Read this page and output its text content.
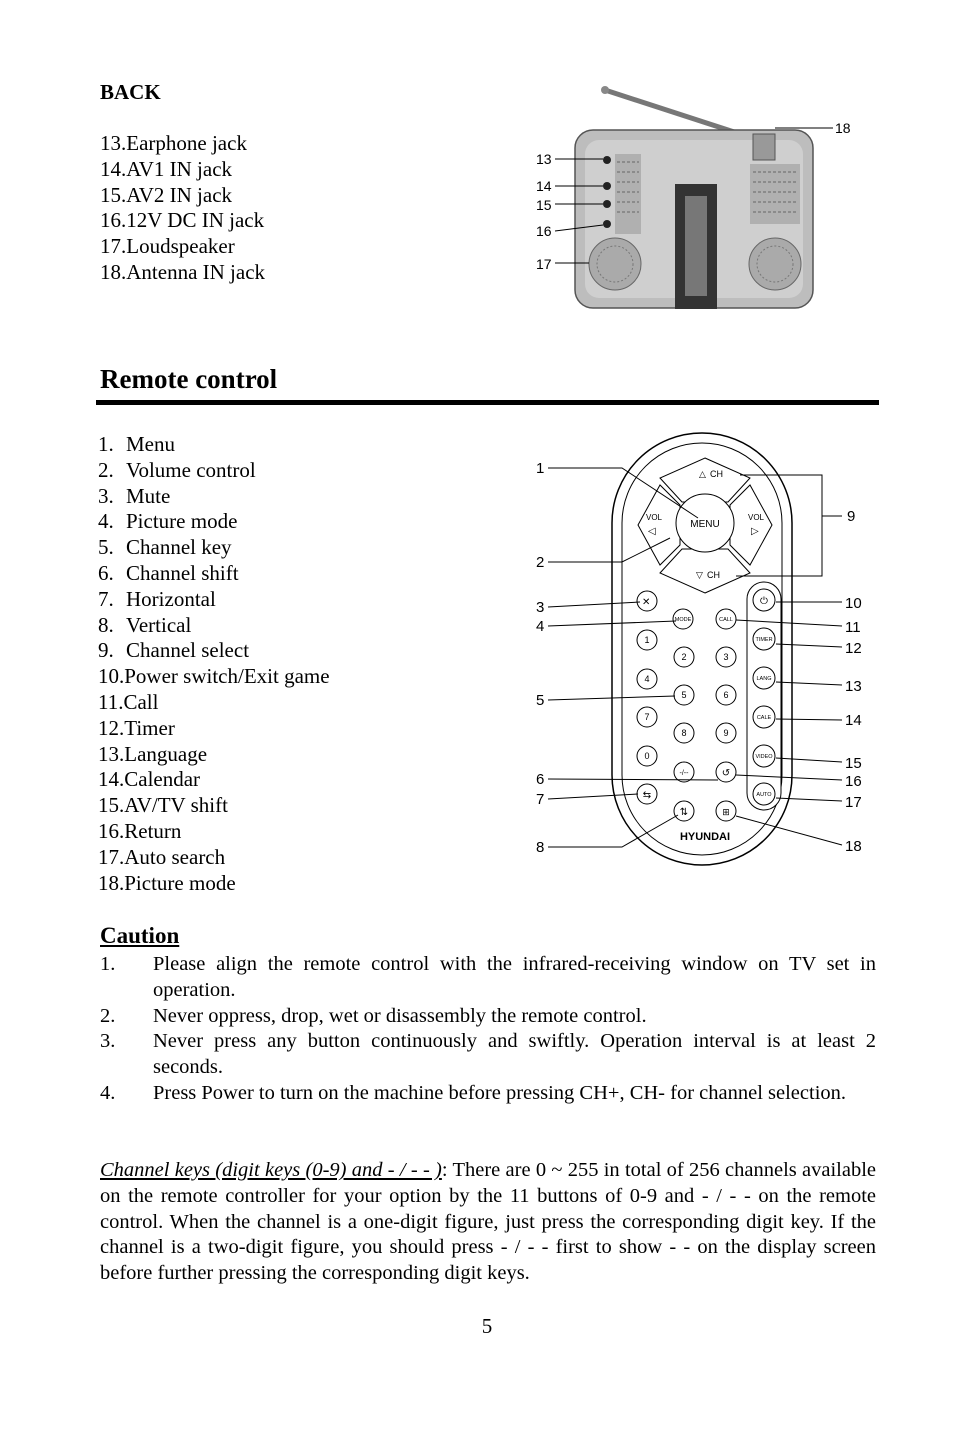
BACK
13.Earphone jack
14.AV1 IN jack
15.AV2 IN jack
16.12V DC IN jack
17.Loudspeaker
18.Antenna IN jack
18
13
14
15
16
17
Remote control
1. Menu
2. Volume control
3. Mute
4. Picture mode
5. Channel key
6. Channel shift
7. Horizontal
8. Vertical
9. Channel select
10.Power switch/Exit game
11.Call
12.Timer
13.Language
14.Calendar
15.AV/TV shift
16.Return
17.Auto search
18.Picture mode
MENU
△ CH
▽ CH
VOL
◁
VOL
▷
✕
MODE	CALL
1
2	3
4
5	6
7
8	9
0
-/--	↺
⇆
⇅	⊞
HYUNDAI
⏻
TIMER
LANG
CALE
VIDEO
AUTO
1
2
3
4
5
6
7
8
9
10
11
12
13
14
15
16
17
18
Caution
1.	Please align the remote control with the infrared-receiving window on TV set in operation.
2.	Never oppress, drop, wet or disassembly the remote control.
3.	Never press any button continuously and swiftly. Operation interval is at least 2 seconds.
4.	Press Power to turn on the machine before pressing CH+, CH- for channel selection.

Channel keys (digit keys (0-9) and - / - - ): There are 0 ~ 255 in total of 256 channels available on the remote controller for your option by the 11 buttons of 0-9 and - / - - on the remote control. When the channel is a one-digit figure, just press the corresponding digit key. If the channel is a two-digit figure, you should press - / - - first to show - - on the display screen before further pressing the corresponding digit keys.

5
